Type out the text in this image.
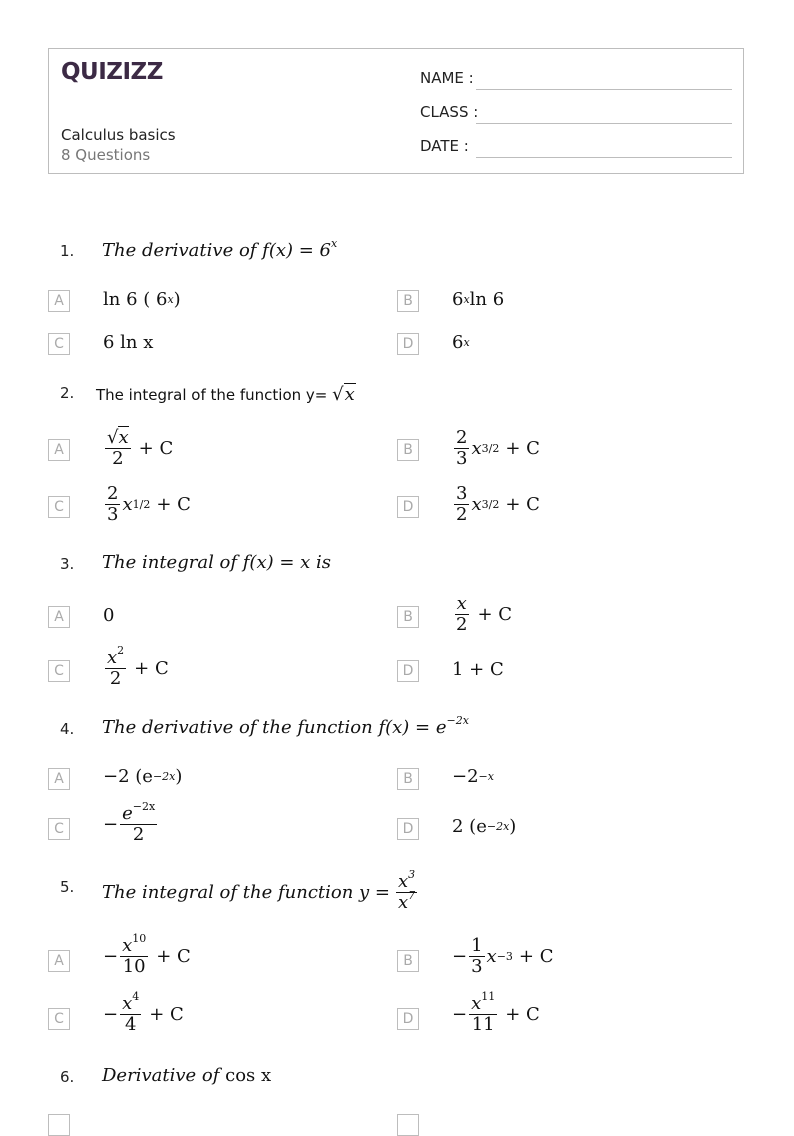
QUIZIZZ
Calculus basics
8 Questions
NAME :
CLASS :
DATE :
1. The derivative of $f(x) = 6^x$
A	ln 6 ( 6 x )	B	6 x ln 6
C	6 ln x	D	6 x
2. The integral of the function y= √x
A	$\frac{√x}{2} + C$	B	$\frac{2}{3}$ x 3/2 + C
C	$\frac{2}{3}$ x 1/2 + C	D	$\frac{3}{2}$ x 3/2 + C
3. The integral of f(x) = x is
A	0	B	$\frac{x}{2} + C$
C	$\frac{x^2}{2} + C$	D	1 + C
4. The derivative of the function $f(x) = e^{-2x}$
A	−2 (e −2x )	B	−2 −x
C	− $\frac{e^{-2x}}{2}$	D	2 (e −2x )
5. The integral of the function $y = \frac{x^3}{x^7}$
A	− $\frac{x^{10}}{10} + C$	B	− $\frac{1}{3}$ x −3 + C
C	− $\frac{x^4}{4} + C$	D	− $\frac{x^{11}}{11} + C$
6. Derivative of cos x
